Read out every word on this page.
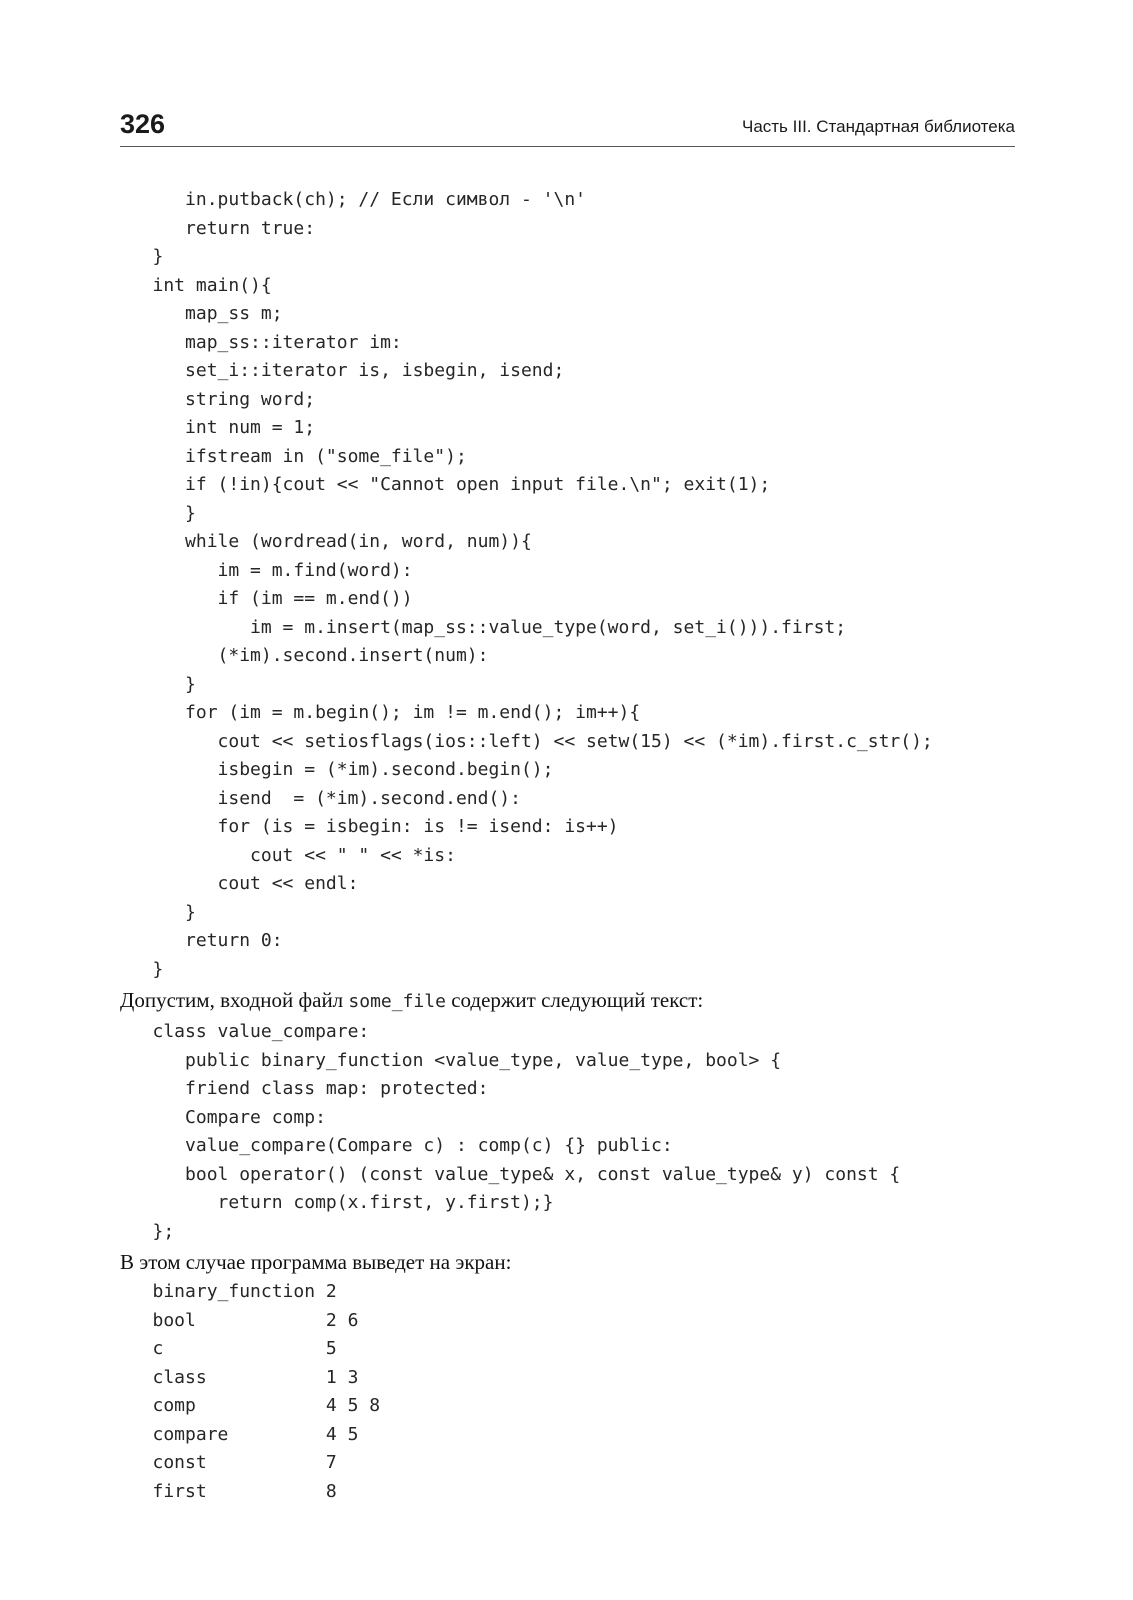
326	Часть III. Стандартная библиотека
in.putback(ch); // Если символ - '\n'
return true:
}
int main(){
map_ss m;
map_ss::iterator im:
set_i::iterator is, isbegin, isend;
string word;
int num = 1;
ifstream in ("some_file");
if (!in){cout << "Cannot open input file.\n"; exit(1);
}
while (wordread(in, word, num)){
im = m.find(word):
if (im == m.end())
im = m.insert(map_ss::value_type(word, set_i())).first;
(*im).second.insert(num):
}
for (im = m.begin(); im != m.end(); im++){
cout << setiosflags(ios::left) << setw(15) << (*im).first.c_str();
isbegin = (*im).second.begin();
isend  = (*im).second.end():
for (is = isbegin: is != isend: is++)
cout << " " << *is:
cout << endl:
}
return 0:
}

Допустим, входной файл some_file содержит следующий текст:

class value_compare:
public binary_function <value_type, value_type, bool> {
friend class map: protected:
Compare comp:
value_compare(Compare c) : comp(c) {} public:
bool operator() (const value_type& x, const value_type& y) const {
return comp(x.first, y.first);}
};

В этом случае программа выведет на экран:

binary_function 2
bool            2 6
c               5
class           1 3
comp            4 5 8
compare         4 5
const           7
first           8
